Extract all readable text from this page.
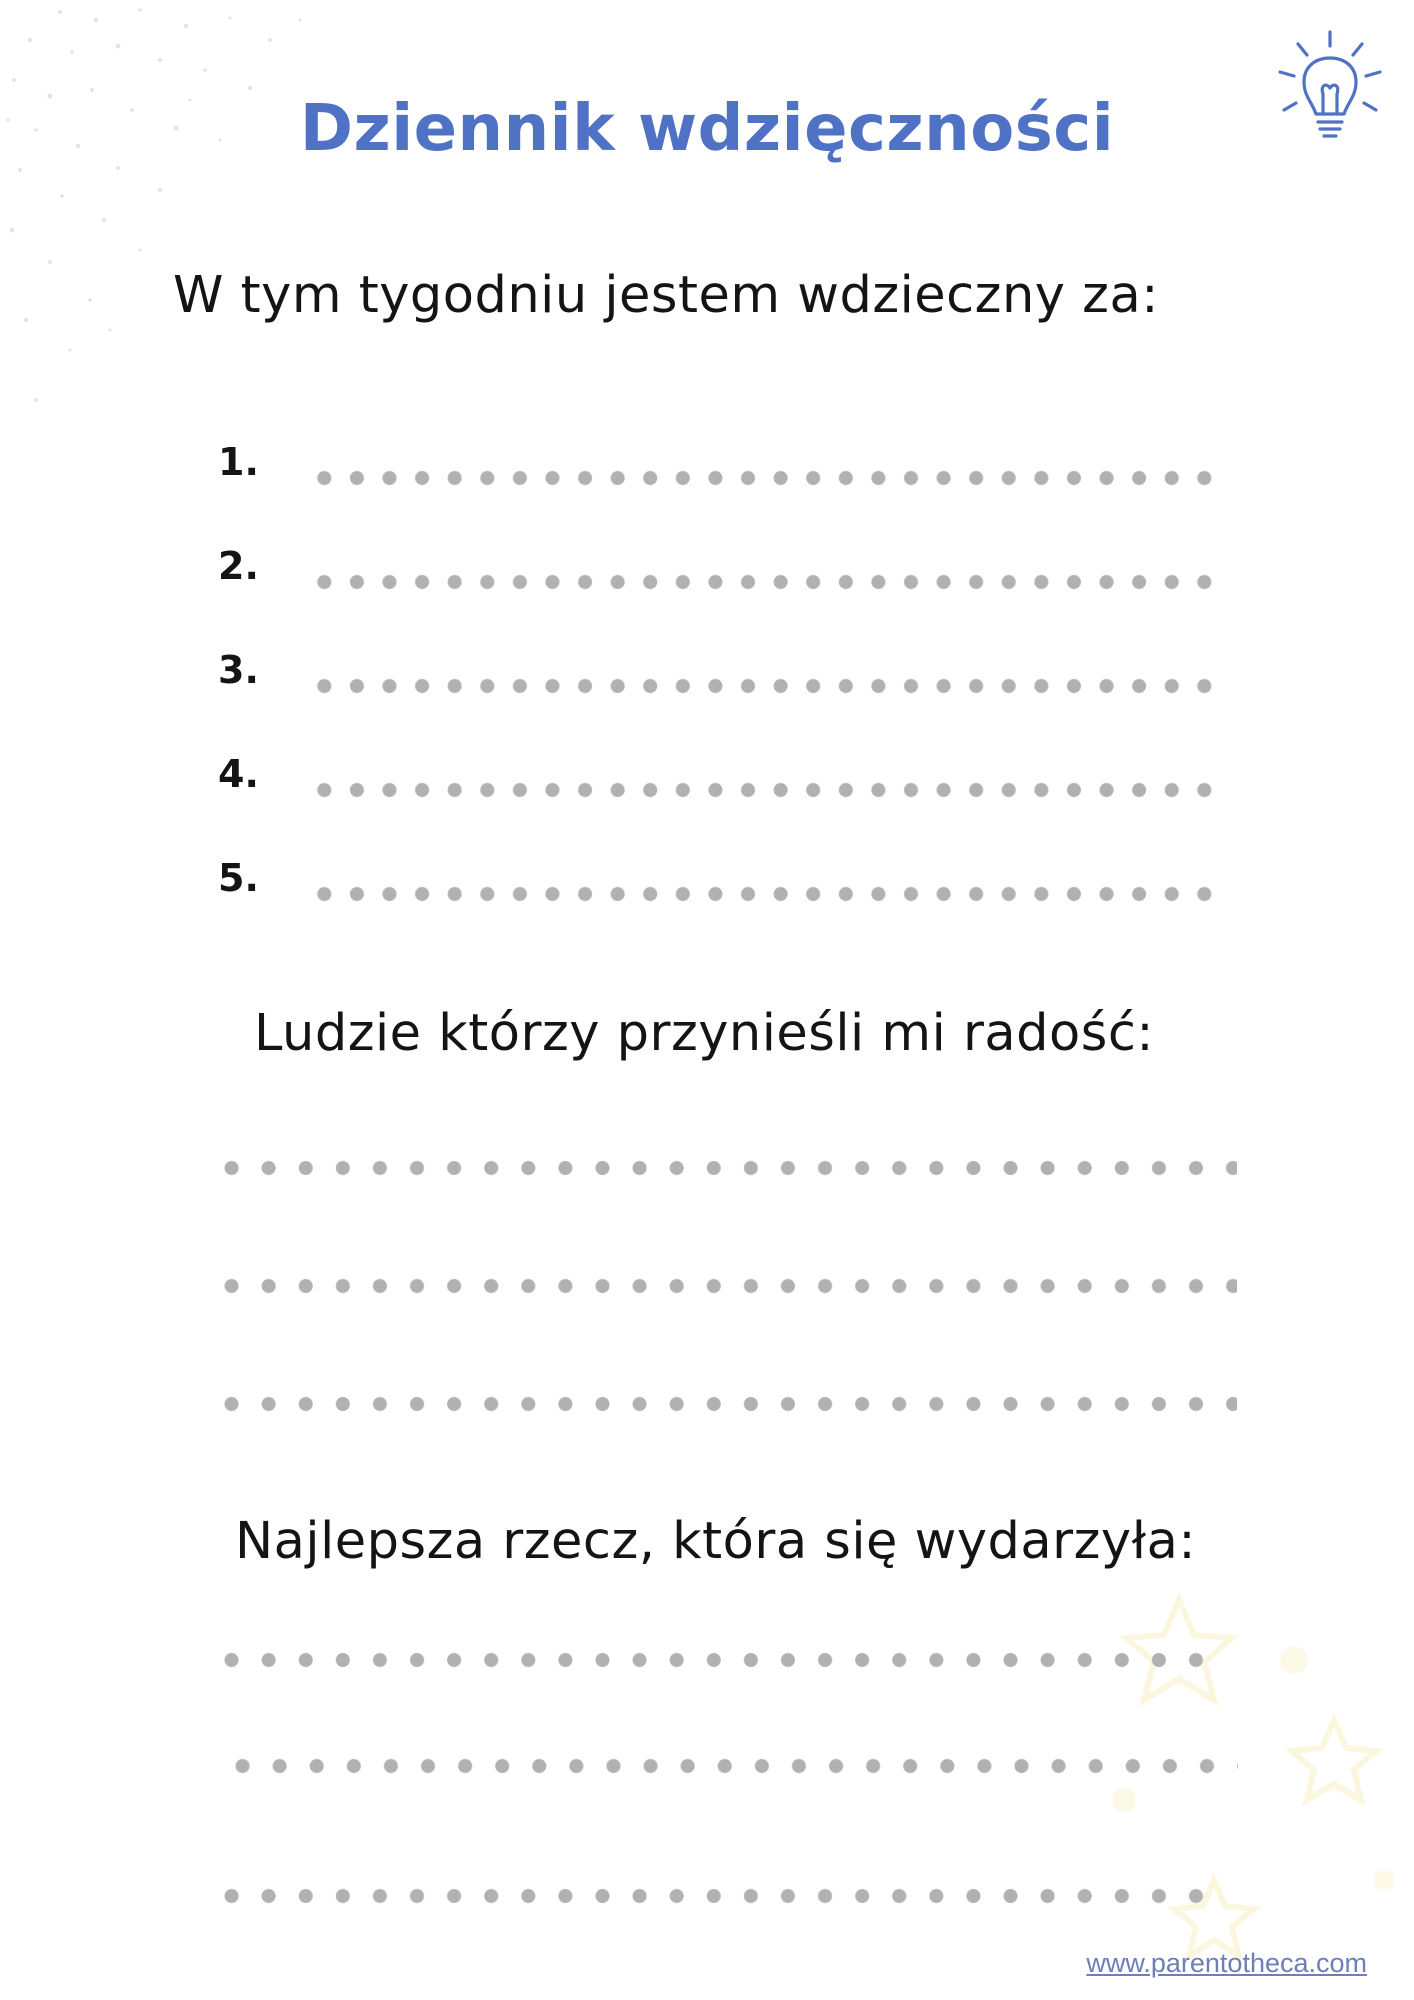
Dziennik wdzięczności
W tym tygodniu jestem wdzieczny za:
1.
2.
3.
4.
5.
Ludzie którzy przynieśli mi radość:
Najlepsza rzecz, która się wydarzyła:

www.parentotheca.com
